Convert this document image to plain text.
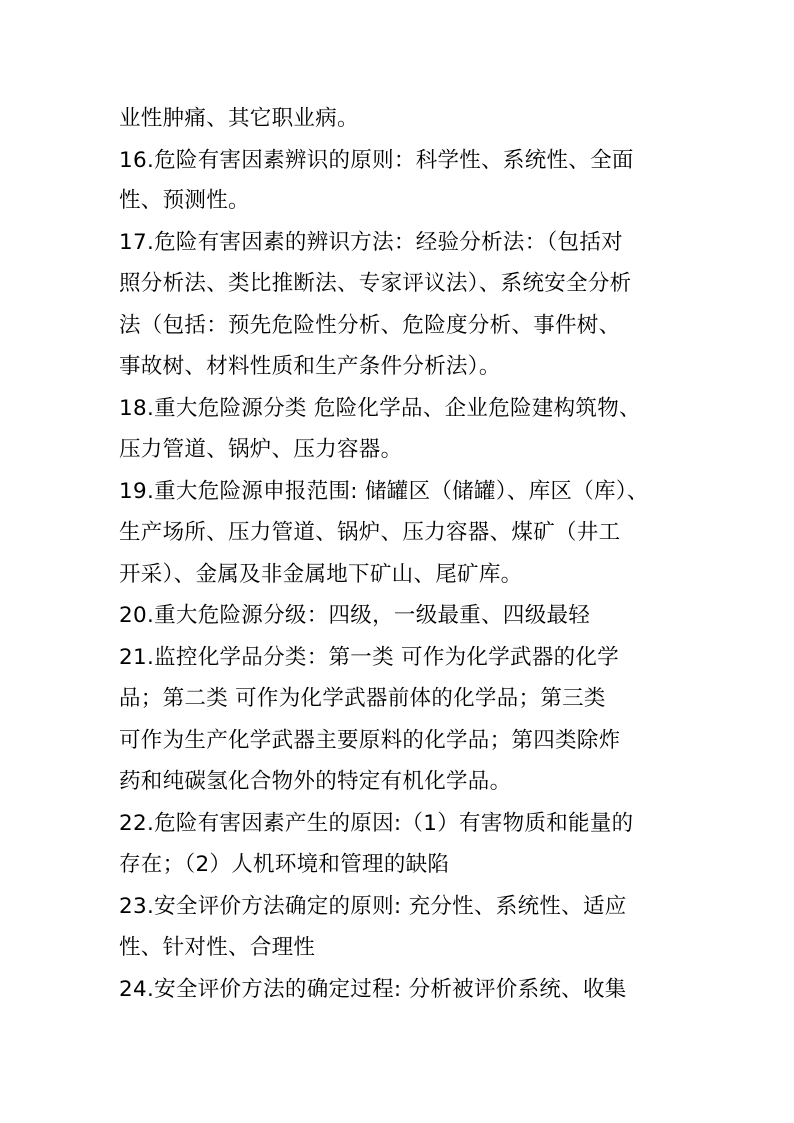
业性肿痛、其它职业病。
16.危险有害因素辨识的原则：科学性、系统性、全面
性、预测性。
17.危险有害因素的辨识方法：经验分析法：（包括对
照分析法、类比推断法、专家评议法）、系统安全分析
法（包括：预先危险性分析、危险度分析、事件树、
事故树、材料性质和生产条件分析法）。
18.重大危险源分类 危险化学品、企业危险建构筑物、
压力管道、锅炉、压力容器。
19.重大危险源申报范围: 储罐区（储罐）、库区（库）、
生产场所、压力管道、锅炉、压力容器、煤矿（井工
开采）、金属及非金属地下矿山、尾矿库。
20.重大危险源分级：四级，一级最重、四级最轻
21.监控化学品分类：第一类 可作为化学武器的化学
品；第二类 可作为化学武器前体的化学品；第三类
可作为生产化学武器主要原料的化学品；第四类除炸
药和纯碳氢化合物外的特定有机化学品。
22.危险有害因素产生的原因:（1）有害物质和能量的
存在；（2）人机环境和管理的缺陷
23.安全评价方法确定的原则: 充分性、系统性、适应
性、针对性、合理性
24.安全评价方法的确定过程: 分析被评价系统、收集
